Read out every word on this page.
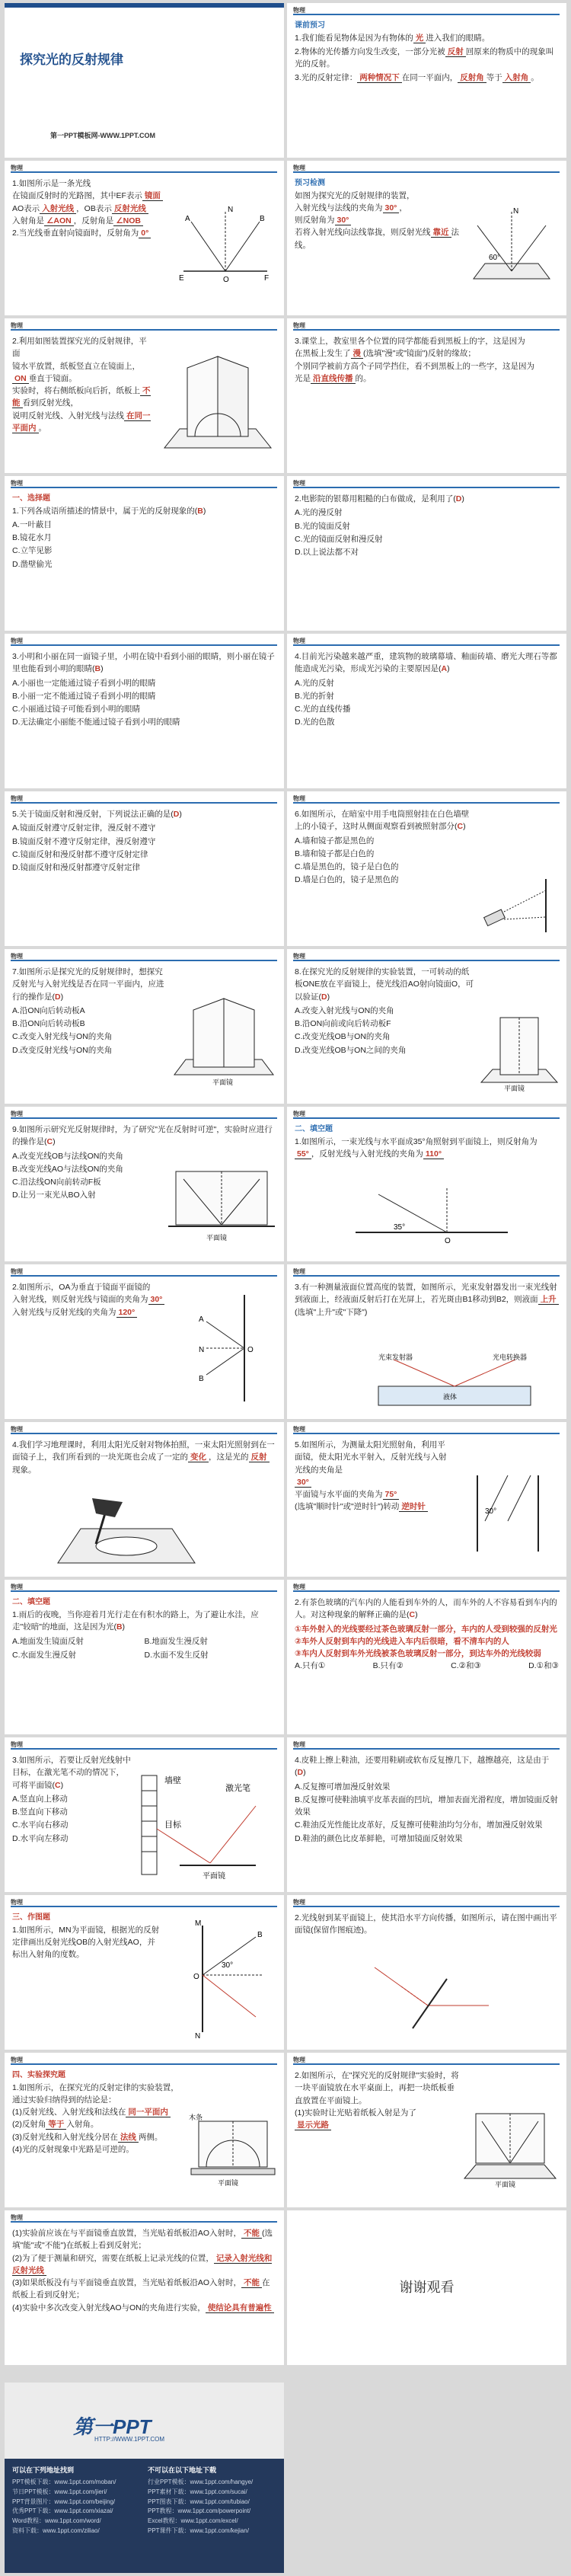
探究光的反射规律
第一PPT模板网-WWW.1PPT.COM
物理
课前预习
1.我们能看见物体是因为有物体的 光 进入我们的眼睛。
2.物体的光传播方向发生改变，一部分光被 反射 回原来的物质中的现象叫光的反射。
3.光的反射定律： 两种情况下 在同一平面内， 反射角 等于 入射角 。
物理
1.如图所示是一条光线
在镜面反射时的光路图，其中EF表示 镜面
AO表示 入射光线 ，OB表示 反射光线
入射角是 ∠AON ，反射角是 ∠NOB
2.当光线垂直射向镜面时，反射角为 0°
N
A	B
E	O	F
物理
预习检测
如图为探究光的反射规律的装置，
入射光线与法线的夹角为 30° ，
则反射角为 30°
若将入射光线向法线靠拢，则反射光线 靠近 法线。
N
60°
物理
2.利用如图装置探究光的反射规律，平面
镜水平放置，纸板竖直立在镜面上，ON 垂直于镜面。
实验时，将右侧纸板向后折，纸板上 不能 看到反射光线，
说明反射光线、入射光线与法线 在同一平面内 。
物理
3.课堂上，教室里各个位置的同学都能看到黑板上的字，这是因为
在黑板上发生了 漫 (选填"漫"或"镜面")反射的缘故；
个别同学被前方高个子同学挡住，看不到黑板上的一些字，这是因为
光是 沿直线传播 的。
物理
一、选择题
1.下列各成语所描述的情景中，属于光的反射现象的(B)
A.一叶蔽目
B.镜花水月
C.立竿见影
D.凿壁偷光
物理
2.电影院的银幕用粗糙的白布做成，是利用了(D)
A.光的漫反射
B.光的镜面反射
C.光的镜面反射和漫反射
D.以上说法都不对
物理
3.小明和小丽在同一面镜子里，小明在镜中看到小丽的眼睛，则小丽在镜子里也能看到小明的眼睛(B)
A.小丽也一定能通过镜子看到小明的眼睛
B.小丽一定不能通过镜子看到小明的眼睛
C.小丽通过镜子可能看到小明的眼睛
D.无法确定小丽能不能通过镜子看到小明的眼睛
物理
4.目前光污染越来越严重，建筑物的玻璃幕墙、釉面砖墙、磨光大理石等都能造成光污染，形成光污染的主要原因是(A)
A.光的反射
B.光的折射
C.光的直线传播
D.光的色散
物理
5.关于镜面反射和漫反射，下列说法正确的是(D)
A.镜面反射遵守反射定律，漫反射不遵守
B.镜面反射不遵守反射定律，漫反射遵守
C.镜面反射和漫反射都不遵守反射定律
D.镜面反射和漫反射都遵守反射定律
物理
6.如图所示，在暗室中用手电筒照射挂在白色墙壁上的小镜子，这时从侧面观察看到被照射部分(C)
A.墙和镜子都是黑色的
B.墙和镜子都是白色的
C.墙是黑色的，镜子是白色的
D.墙是白色的，镜子是黑色的
物理
7.如图所示是探究光的反射规律时，想探究反射光与入射光线是否在同一平面内，应进行的操作是(D)
A.沿ON向后转动板A
B.沿ON向后转动板B
C.改变入射光线与ON的夹角
D.改变反射光线与ON的夹角
平面镜
物理
8.在探究光的反射规律的实验装置，一可转动的纸板ONE放在平面镜上，使光线沿AO射向镜面O，可以验证(D)
A.改变入射光线与ON的夹角
B.沿ON向前或向后转动板F
C.改变光线OB与ON的夹角
D.改变光线OB与ON之间的夹角
平面镜
物理
9.如图所示研究光反射规律时，为了研究"光在反射时可逆"，实验时应进行的操作是(C)
A.改变光线OB与法线ON的夹角
B.改变光线AO与法线ON的夹角
C.沿法线ON向前转动F板
D.让另一束光从BO入射
平面镜
物理
二、填空题
1.如图所示，一束光线与水平面成35°角照射到平面镜上，则反射角为55° ，反射光线与入射光线的夹角为 110°
35°
O
物理
2.如图所示，OA为垂直于镜面平面镜的
入射光线，则反射光线与镜面的夹角为 30°
入射光线与反射光线的夹角为 120°
A
N	O
B
物理
3.有一种测量液面位置高度的装置，如图所示，光束发射器发出一束光线射到液面上，经液面反射后打在光屏上，若光斑由B1移动到B2，则液面 上升(选填"上升"或"下降")
光束发射器	光电转换器
液体
物理
4.我们学习地理课时，利用太阳光反射对物体拍照，一束太阳光照射到在一面镜子上，我们所看到的一块光斑也会成了一定的 变化 ，这是光的 反射现象。
物理
5.如图所示，为测量太阳光照射角，利用平面镜，使太阳光水平射入，反射光线与入射光线的夹角是
30°
平面镜与水平面的夹角为 75°
(选填"顺时针"或"逆时针")转动 逆时针
30°
物理
二、填空题
1.雨后的夜晚，当你迎着月光行走在有积水的路上，为了避让水洼，应走"较暗"的地面，这是因为光(B)
A.地面发生镜面反射	B.地面发生漫反射
C.水面发生漫反射	D.水面不发生反射
物理
2.有茶色玻璃的汽车内的人能看到车外的人，而车外的人不容易看到车内的人。对这种现象的解释正确的是(C)
①车外射入的光线要经过茶色玻璃反射一部分，车内的人受到较强的反射光
②车外人反射到车内的光线进入车内后很暗，看不清车内的人
③车内人反射到车外光线被茶色玻璃反射一部分，到达车外的光线较弱
A.只有①	B.只有②	C.②和③	D.①和③
物理
3.如图所示，若要让反射光线射中目标，在激光笔不动的情况下，可将平面镜(C)
A.竖直向上移动
B.竖直向下移动
C.水平向右移动
D.水平向左移动
墙壁
激光笔
目标
平面镜
物理
4.皮鞋上擦上鞋油，还要用鞋刷或软布反复擦几下，越擦越亮，这是由于(D)
A.反复擦可增加漫反射效果
B.反复擦可使鞋油填平皮革表面的凹坑，增加表面光滑程度，增加镜面反射效果
C.鞋油反光性能比皮革好，反复擦可使鞋油均匀分布，增加漫反射效果
D.鞋油的颜色比皮革鲜艳，可增加镜面反射效果
物理
三、作图题
1.如图所示，MN为平面镜，根据光的反射定律画出反射光线OB的入射光线AO，并标出入射角的度数。
30°
M
N
O
B
物理
2.光线射到某平面镜上，使其沿水平方向传播，如图所示，请在图中画出平面镜(保留作图痕迹)。
物理
四、实验探究题
1.如图所示，在探究光的反射定律的实验装置，通过实验归纳得到的结论是：
(1)反射光线、入射光线和法线在 同一平面内
(2)反射角 等于 入射角。
(3)反射光线和入射光线分居在 法线 两侧。
(4)光的反射现象中光路是可逆的。
平面镜
木条
物理
2.如图所示，在"探究光的反射规律"实验时，将一块平面镜放在水平桌面上，再把一块纸板垂直放置在平面镜上。
(1)实验时让光贴着纸板入射是为了
显示光路
平面镜
物理
(1)实验前应该在与平面镜垂直放置，当光贴着纸板沿AO入射时， 不能 (选填"能"或"不能")在纸板上看到反射光；
(2)为了便于测量和研究，需要在纸板上记录光线的位置， 记录入射光线和反射光线
(3)如果纸板没有与平面镜垂直放置，当光贴着纸板沿AO入射时， 不能 在纸板上看到反射光；
(4)实验中多次改变入射光线AO与ON的夹角进行实验， 使结论具有普遍性
谢谢观看
第一PPT
HTTP://WWW.1PPT.COM
可以在下列地址找到
PPT模板下载：www.1ppt.com/moban/
节日PPT模板：www.1ppt.com/jieri/
PPT背景图片：www.1ppt.com/beijing/
优秀PPT下载：www.1ppt.com/xiazai/
Word教程：www.1ppt.com/word/
资料下载：www.1ppt.com/ziliao/
不可以在以下地址下载
行业PPT模板：www.1ppt.com/hangye/
PPT素材下载：www.1ppt.com/sucai/
PPT图表下载：www.1ppt.com/tubiao/
PPT教程：www.1ppt.com/powerpoint/
Excel教程：www.1ppt.com/excel/
PPT课件下载：www.1ppt.com/kejian/
